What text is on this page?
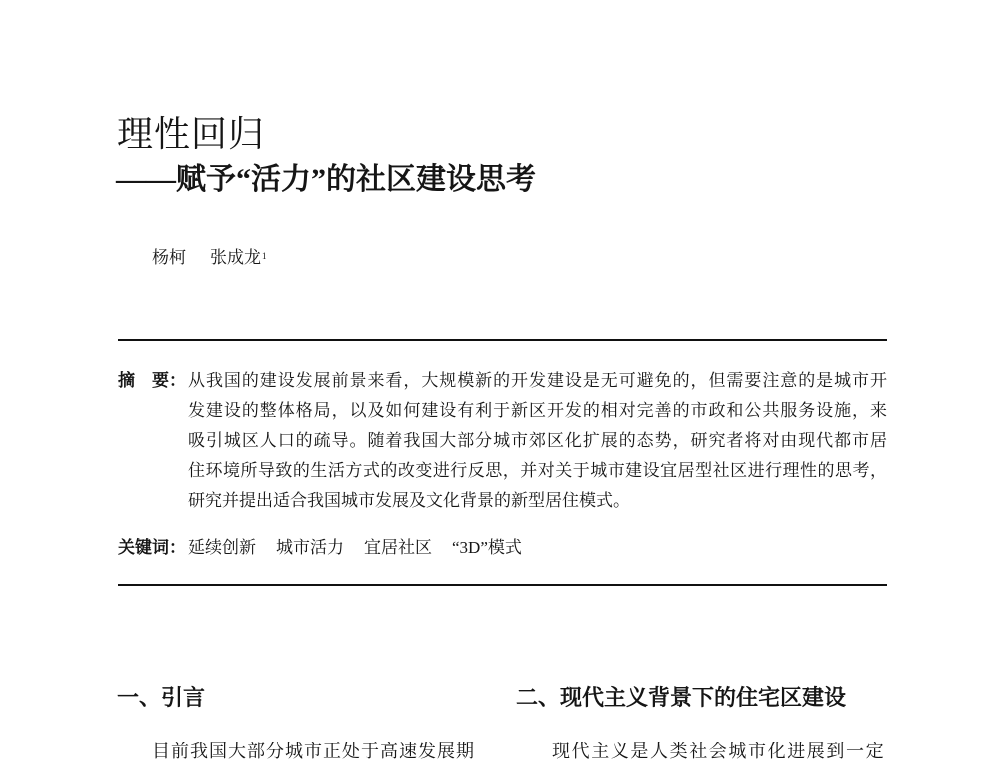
理性回归
——赋予“活力”的社区建设思考
杨柯 张成龙$^1$
摘　要： 从我国的建设发展前景来看，大规模新的开发建设是无可避免的，但需要注意的是城市开
发建设的整体格局，以及如何建设有利于新区开发的相对完善的市政和公共服务设施，来
吸引城区人口的疏导。随着我国大部分城市郊区化扩展的态势，研究者将对由现代都市居
住环境所导致的生活方式的改变进行反思，并对关于城市建设宜居型社区进行理性的思考，
研究并提出适合我国城市发展及文化背景的新型居住模式。
关键词： 延续创新 城市活力 宜居社区 “3D”模式
一、引言	二、现代主义背景下的住宅区建设
目前我国大部分城市正处于高速发展期	现代主义是人类社会城市化进展到一定
